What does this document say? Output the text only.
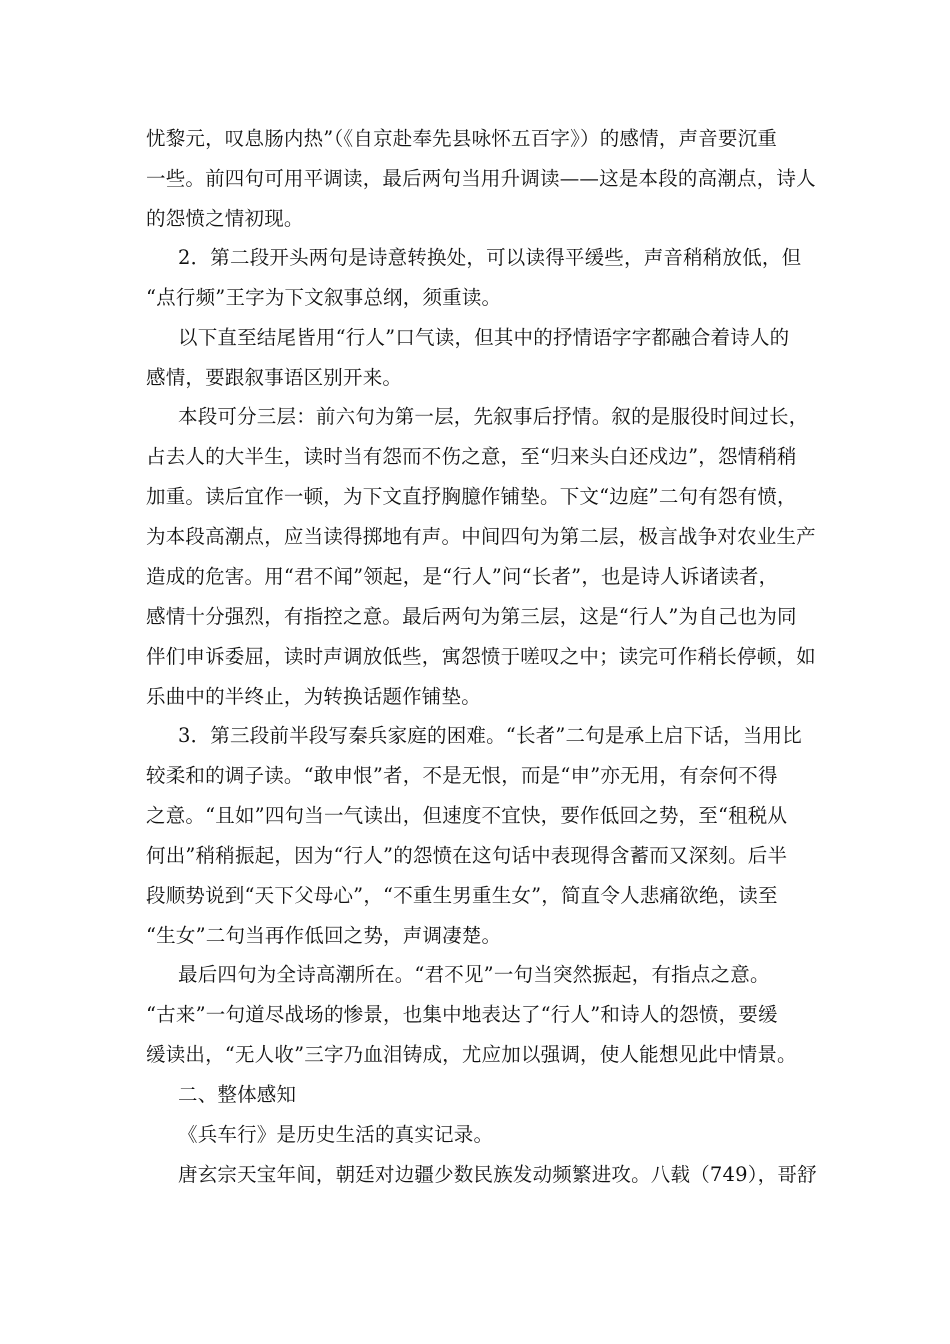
忧黎元，叹息肠内热”（《自京赴奉先县咏怀五百字》）的感情，声音要沉重
一些。前四句可用平调读，最后两句当用升调读——这是本段的高潮点，诗人
的怨愤之情初现。
2．第二段开头两句是诗意转换处，可以读得平缓些，声音稍稍放低，但
“点行频”王字为下文叙事总纲，须重读。
以下直至结尾皆用“行人”口气读，但其中的抒情语字字都融合着诗人的
感情，要跟叙事语区别开来。
本段可分三层：前六句为第一层，先叙事后抒情。叙的是服役时间过长，
占去人的大半生，读时当有怨而不伤之意，至“归来头白还戍边”，怨情稍稍
加重。读后宜作一顿，为下文直抒胸臆作铺垫。下文“边庭”二句有怨有愤，
为本段高潮点，应当读得掷地有声。中间四句为第二层，极言战争对农业生产
造成的危害。用“君不闻”领起，是“行人”问“长者”，也是诗人诉诸读者，
感情十分强烈，有指控之意。最后两句为第三层，这是“行人”为自己也为同
伴们申诉委屈，读时声调放低些，寓怨愤于嗟叹之中；读完可作稍长停顿，如
乐曲中的半终止，为转换话题作铺垫。
3．第三段前半段写秦兵家庭的困难。“长者”二句是承上启下话，当用比
较柔和的调子读。“敢申恨”者，不是无恨，而是“申”亦无用，有奈何不得
之意。“且如”四句当一气读出，但速度不宜快，要作低回之势，至“租税从
何出”稍稍振起，因为“行人”的怨愤在这句话中表现得含蓄而又深刻。后半
段顺势说到“天下父母心”，“不重生男重生女”，简直令人悲痛欲绝，读至
“生女”二句当再作低回之势，声调凄楚。
最后四句为全诗高潮所在。“君不见”一句当突然振起，有指点之意。
“古来”一句道尽战场的惨景，也集中地表达了“行人”和诗人的怨愤，要缓
缓读出，“无人收”三字乃血泪铸成，尤应加以强调，使人能想见此中情景。
二、整体感知
《兵车行》是历史生活的真实记录。
唐玄宗天宝年间，朝廷对边疆少数民族发动频繁进攻。八载（749），哥舒
